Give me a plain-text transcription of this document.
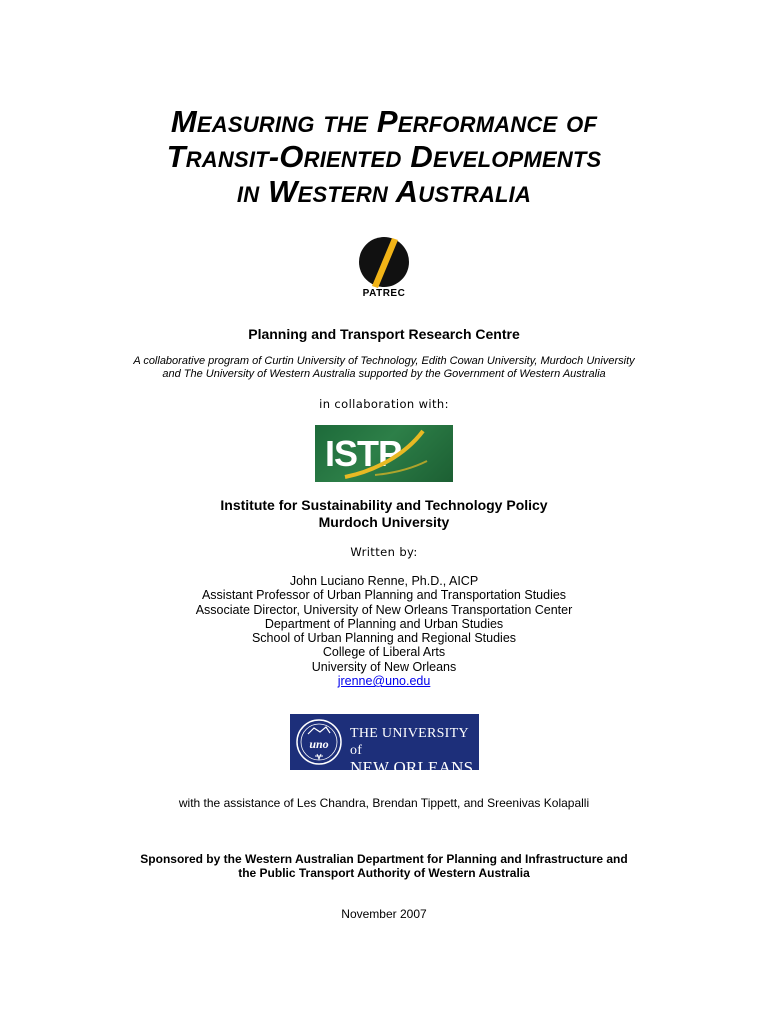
Measuring the Performance of
Transit-Oriented Developments
in Western Australia
PATREC
Planning and Transport Research Centre
A collaborative program of Curtin University of Technology, Edith Cowan University, Murdoch University
and The University of Western Australia supported by the Government of Western Australia
in collaboration with:
ISTP
Institute for Sustainability and Technology Policy
Murdoch University
Written by:
John Luciano Renne, Ph.D., AICP
Assistant Professor of Urban Planning and Transportation Studies
Associate Director, University of New Orleans Transportation Center
Department of Planning and Urban Studies
School of Urban Planning and Regional Studies
College of Liberal Arts
University of New Orleans
jrenne@uno.edu
uno
THE UNIVERSITY of
NEW ORLEANS
with the assistance of Les Chandra, Brendan Tippett, and Sreenivas Kolapalli
Sponsored by the Western Australian Department for Planning and Infrastructure and
the Public Transport Authority of Western Australia
November 2007
